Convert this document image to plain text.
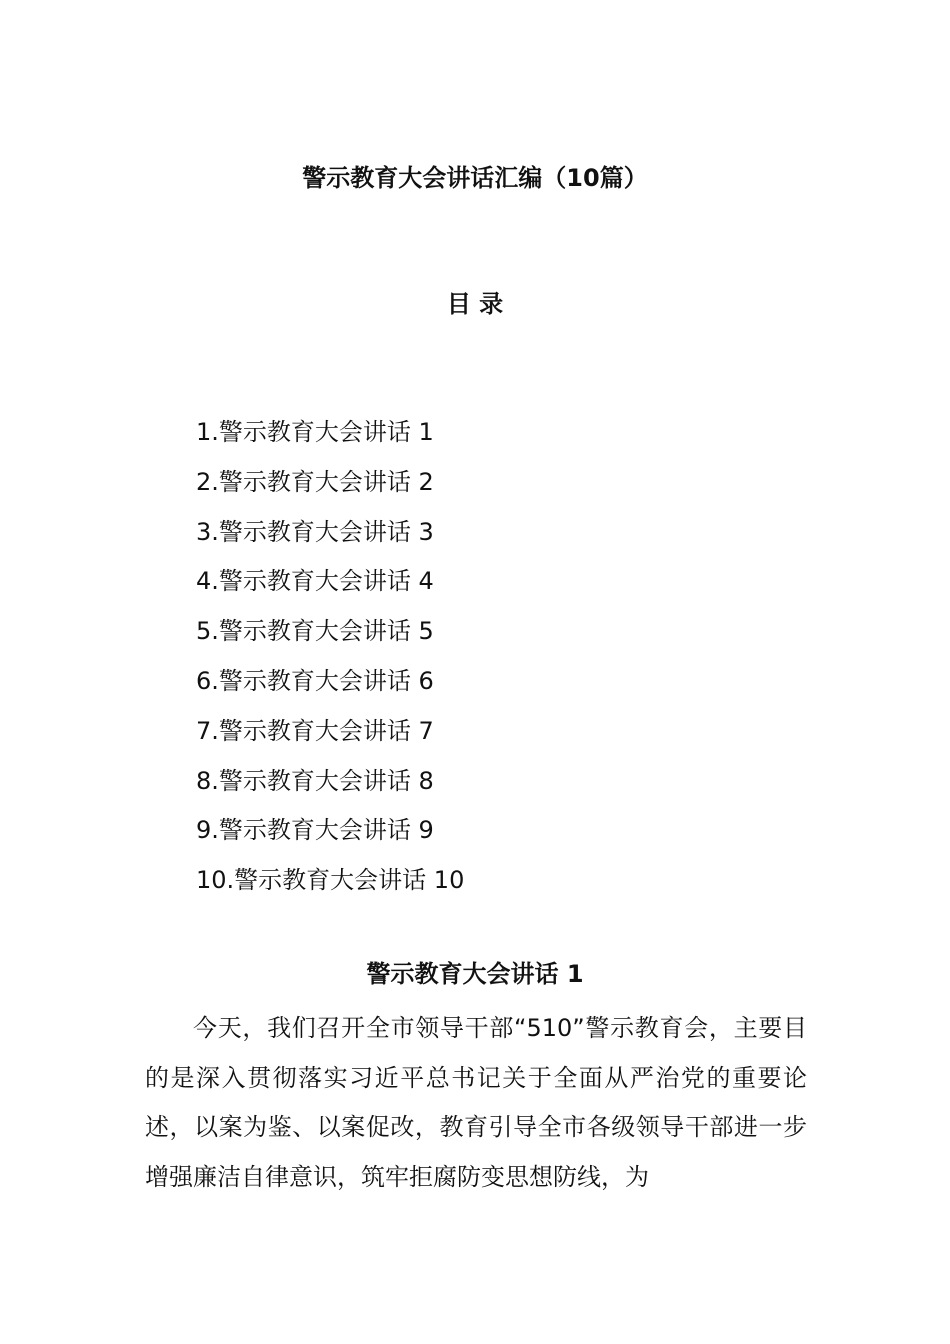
警示教育大会讲话汇编（10篇）
目 录
1.警示教育大会讲话 1
2.警示教育大会讲话 2
3.警示教育大会讲话 3
4.警示教育大会讲话 4
5.警示教育大会讲话 5
6.警示教育大会讲话 6
7.警示教育大会讲话 7
8.警示教育大会讲话 8
9.警示教育大会讲话 9
10.警示教育大会讲话 10
警示教育大会讲话 1

今天，我们召开全市领导干部“510”警示教育会，主要目的是深入贯彻落实习近平总书记关于全面从严治党的重要论述，以案为鉴、以案促改，教育引导全市各级领导干部进一步增强廉洁自律意识，筑牢拒腐防变思想防线，为
